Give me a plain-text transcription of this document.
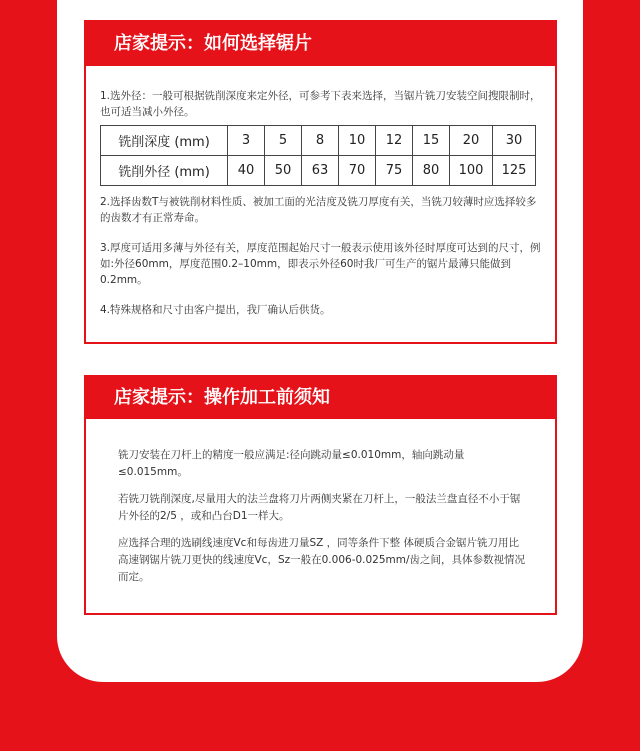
店家提示：如何选择锯片

1.选外径：一般可根据铣削深度来定外径，可参考下表来选择，当锯片铣刀安装空间搜限制时，也可适当减小外径。

铣削深度 (mm)	3	5	8	10	12	15	20	30
铣削外径 (mm)	40	50	63	70	75	80	100	125

2.选择齿数T与被铣削材料性质、被加工面的光洁度及铣刀厚度有关，当铣刀较薄时应选择较多的齿数才有正常寿命。

3.厚度可适用多薄与外径有关，厚度范围起始尺寸一般表示使用该外径时厚度可达到的尺寸，例如:外径60mm，厚度范围0.2–10mm，即表示外径60时我厂可生产的锯片最薄只能做到0.2mm。

4.特殊规格和尺寸由客户提出，我厂确认后供货。

店家提示：操作加工前须知

铣刀安装在刀杆上的精度一般应满足:径向跳动量≤0.010mm，轴向跳动量≤0.015mm。

若铣刀铣削深度,尽量用大的法兰盘将刀片两侧夹紧在刀杆上，一般法兰盘直径不小于锯片外径的2/5 ，或和凸台D1一样大。

应选择合理的选刷线速度Vc和每齿进刀量SZ ，同等条件下整 体硬质合金锯片铣刀用比高速钢锯片铣刀更快的线速度Vc，Sz一般在0.006-0.025mm/齿之间，具体参数视情况而定。
